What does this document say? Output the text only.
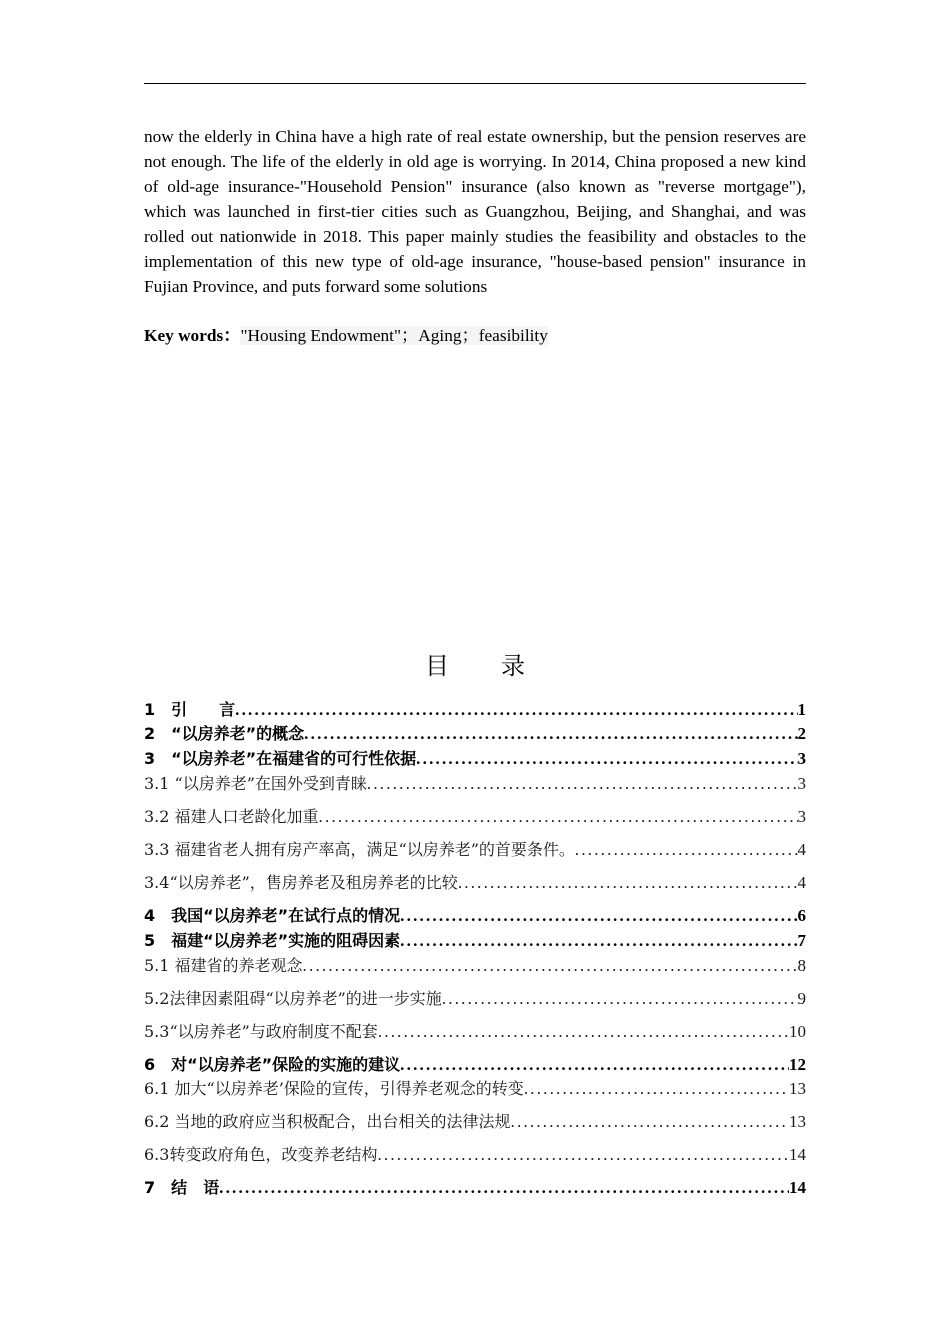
now the elderly in China have a high rate of real estate ownership, but the pension reserves are not enough. The life of the elderly in old age is worrying. In 2014, China proposed a new kind of old-age insurance-"Household Pension" insurance (also known as "reverse mortgage"), which was launched in first-tier cities such as Guangzhou, Beijing, and Shanghai, and was rolled out nationwide in 2018. This paper mainly studies the feasibility and obstacles to the implementation of this new type of old-age insurance, "house-based pension" insurance in Fujian Province, and puts forward some solutions

Key words："Housing Endowment"；Aging；feasibility
目 录
1　引　　言 .....	1
2　“以房养老”的概念 .....	2
3　“以房养老”在福建省的可行性依据 .....	3
3.1 “以房养老”在国外受到青睐 .....	3
3.2 福建人口老龄化加重 .....	3
3.3 福建省老人拥有房产率高，满足“以房养老”的首要条件。 .....	4
3.4“以房养老”，售房养老及租房养老的比较 .....	4
4　我国“以房养老”在试行点的情况 .....	6
5　福建“以房养老”实施的阻碍因素 .....	7
5.1 福建省的养老观念 .....	8
5.2法律因素阻碍“以房养老”的进一步实施 .....	9
5.3“以房养老”与政府制度不配套 .....	10
6　对“以房养老”保险的实施的建议 .....	12
6.1 加大“以房养老’保险的宣传，引得养老观念的转变 .....	13
6.2 当地的政府应当积极配合，出台相关的法律法规 .....	13
6.3转变政府角色，改变养老结构 .....	14
7　结　语 .....	14
